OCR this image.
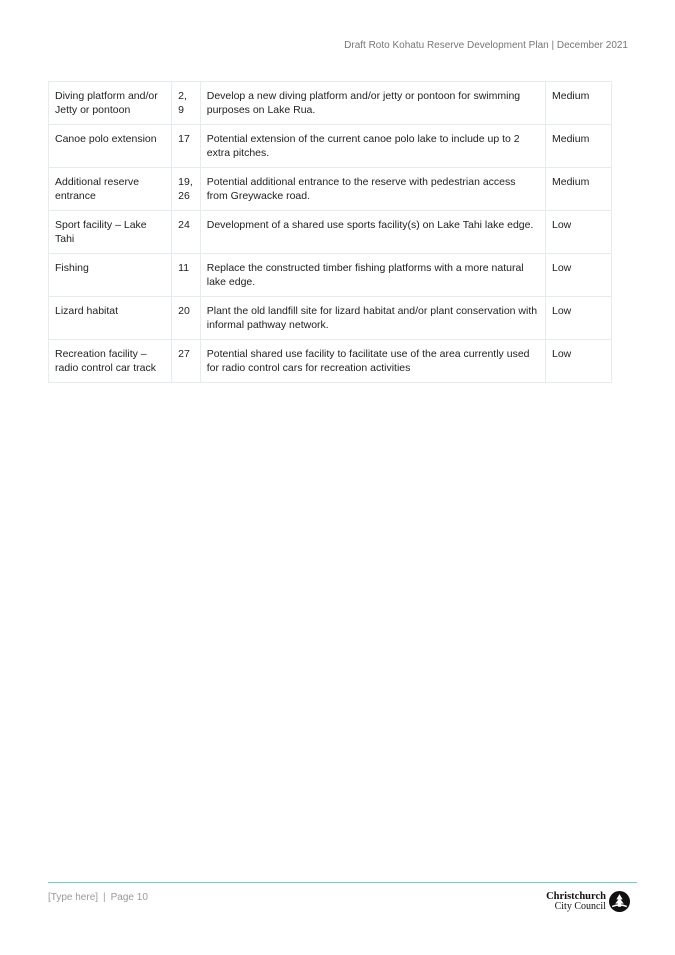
Draft Roto Kohatu Reserve Development Plan | December 2021
Diving platform and/or Jetty or pontoon	2, 9	Develop a new diving platform and/or jetty or pontoon for swimming purposes on Lake Rua.	Medium
Canoe polo extension	17	Potential extension of the current canoe polo lake to include up to 2 extra pitches.	Medium
Additional reserve entrance	19, 26	Potential additional entrance to the reserve with pedestrian access from Greywacke road.	Medium
Sport facility – Lake Tahi	24	Development of a shared use sports facility(s) on Lake Tahi lake edge.	Low
Fishing	11	Replace the constructed timber fishing platforms with a more natural lake edge.	Low
Lizard habitat	20	Plant the old landfill site for lizard habitat and/or plant conservation with informal pathway network.	Low
Recreation facility – radio control car track	27	Potential shared use facility to facilitate use of the area currently used for radio control cars for recreation activities	Low
[Type here] | Page 10	Christchurch
City Council
